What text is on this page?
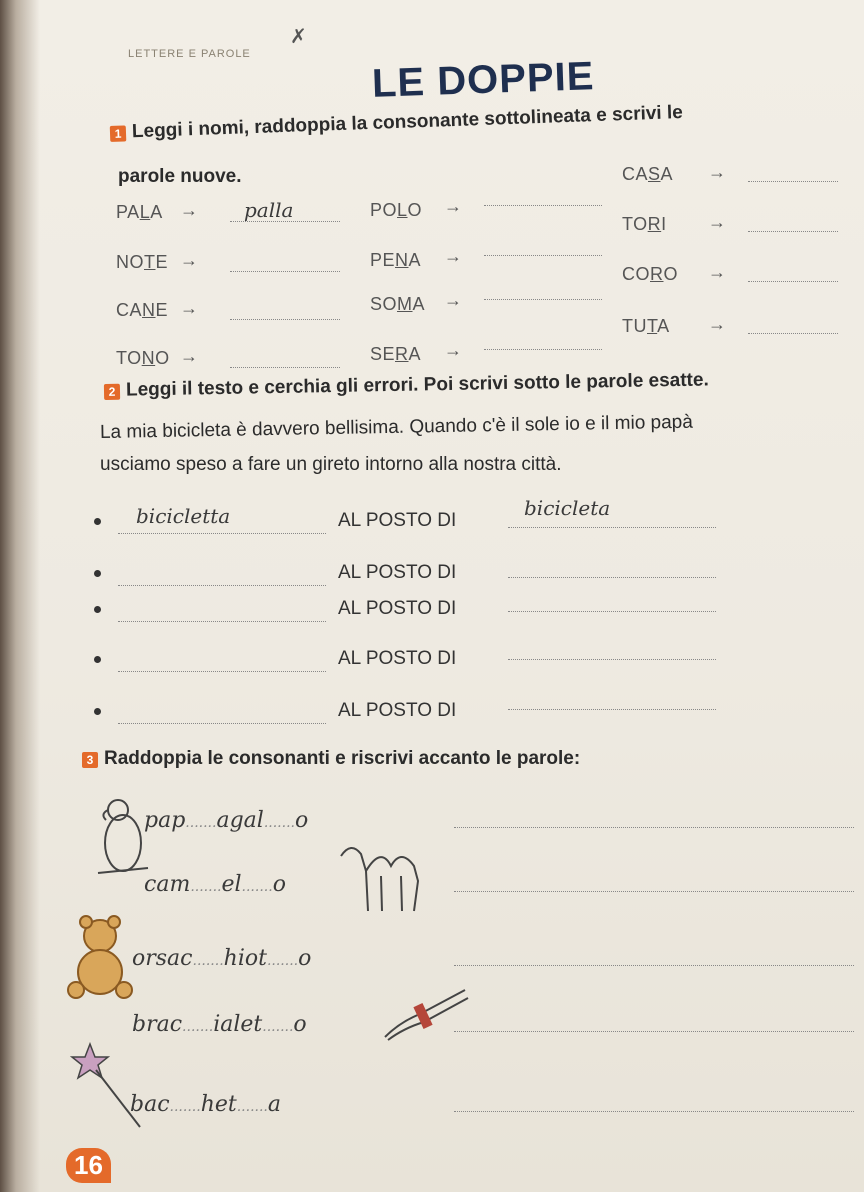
LETTERE E PAROLE
✗
LE DOPPIE
1 Leggi i nomi, raddoppia la consonante sottolineata e scrivi le
parole nuove.
PALA → palla
NOTE →
CANE →
TONO →
POLO →
PENA →
SOMA →
SERA →
CASA →
TORI →
CORO →
TUTA →
2 Leggi il testo e cerchia gli errori. Poi scrivi sotto le parole esatte.
La mia bicicleta è davvero bellisima. Quando c'è il sole io e il mio papà
usciamo speso a fare un gireto intorno alla nostra città.
bicicletta	AL POSTO DI
bicicleta
AL POSTO DI
AL POSTO DI
AL POSTO DI
AL POSTO DI
3 Raddoppia le consonanti e riscrivi accanto le parole:
pap.......agal.......o
cam.......el.......o
orsac.......hiot.......o
brac.......ialet.......o
bac.......het.......a
16
